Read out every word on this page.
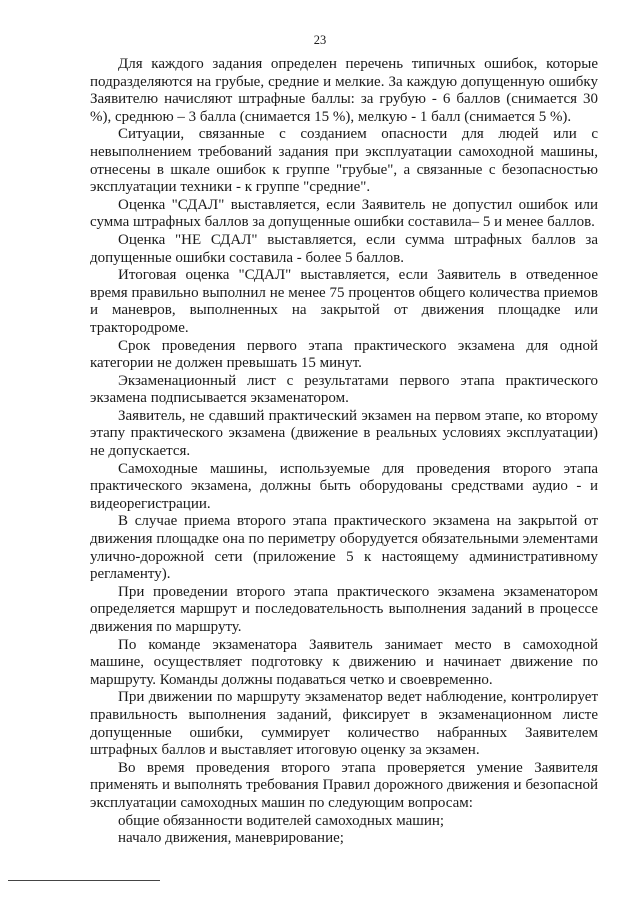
23

Для каждого задания определен перечень типичных ошибок, которые подразделяются на грубые, средние и мелкие. За каждую допущенную ошибку Заявителю начисляют штрафные баллы: за грубую - 6 баллов (снимается 30 %), среднюю – 3 балла (снимается 15 %), мелкую - 1 балл (снимается 5 %).

Ситуации, связанные с созданием опасности для людей или с невыполнением требований задания при эксплуатации самоходной машины, отнесены в шкале ошибок к группе "грубые", а связанные с безопасностью эксплуатации техники - к группе "средние".

Оценка "СДАЛ" выставляется, если Заявитель не допустил ошибок или сумма штрафных баллов за допущенные ошибки составила– 5 и менее баллов.

Оценка "НЕ СДАЛ" выставляется, если сумма штрафных баллов за допущенные ошибки составила - более 5 баллов.

Итоговая оценка "СДАЛ" выставляется, если Заявитель в отведенное время правильно выполнил не менее 75 процентов общего количества приемов и маневров, выполненных на закрытой от движения площадке или трактородроме.

Срок проведения первого этапа практического экзамена для одной категории не должен превышать 15 минут.

Экзаменационный лист с результатами первого этапа практического экзамена подписывается экзаменатором.

Заявитель, не сдавший практический экзамен на первом этапе, ко второму этапу практического экзамена (движение в реальных условиях эксплуатации) не допускается.

Самоходные машины, используемые для проведения второго этапа практического экзамена, должны быть оборудованы средствами аудио - и видеорегистрации.

В случае приема второго этапа практического экзамена на закрытой от движения площадке она по периметру оборудуется обязательными элементами улично-дорожной сети (приложение 5 к настоящему административному регламенту).

При проведении второго этапа практического экзамена экзаменатором определяется маршрут и последовательность выполнения заданий в процессе движения по маршруту.

По команде экзаменатора Заявитель занимает место в самоходной машине, осуществляет подготовку к движению и начинает движение по маршруту. Команды должны подаваться четко и своевременно.

При движении по маршруту экзаменатор ведет наблюдение, контролирует правильность выполнения заданий, фиксирует в экзаменационном листе допущенные ошибки, суммирует количество набранных Заявителем штрафных баллов и выставляет итоговую оценку за экзамен.

Во время проведения второго этапа проверяется умение Заявителя применять и выполнять требования Правил дорожного движения и безопасной эксплуатации самоходных машин по следующим вопросам:

общие обязанности водителей самоходных машин;

начало движения, маневрирование;
